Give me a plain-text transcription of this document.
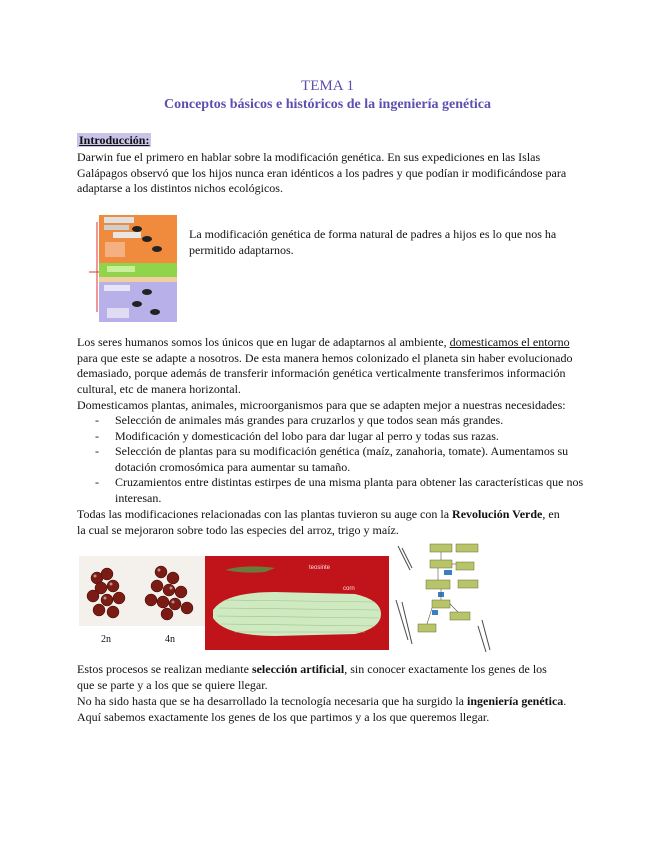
TEMA 1
Conceptos básicos e históricos de la ingeniería genética
Introducción:
Darwin fue el primero en hablar sobre la modificación genética. En sus expediciones en las Islas Galápagos observó que los hijos nunca eran idénticos a los padres y que podían ir modificándose para adaptarse a los distintos nichos ecológicos.
La modificación genética de forma natural de padres a hijos es lo que nos ha permitido adaptarnos.
Los seres humanos somos los únicos que en lugar de adaptarnos al ambiente, domesticamos el entorno para que este se adapte a nosotros. De esta manera hemos colonizado el planeta sin haber evolucionado demasiado, porque además de transferir información genética verticalmente transferimos información cultural, etc de manera horizontal.
Domesticamos plantas, animales, microorganismos para que se adapten mejor a nuestras necesidades:
- Selección de animales más grandes para cruzarlos y que todos sean más grandes.
- Modificación y domesticación del lobo para dar lugar al perro y todas sus razas.
- Selección de plantas para su modificación genética (maíz, zanahoria, tomate). Aumentamos su dotación cromosómica para aumentar su tamaño.
- Cruzamientos entre distintas estirpes de una misma planta para obtener las características que nos interesan.
Todas las modificaciones relacionadas con las plantas tuvieron su auge con la Revolución Verde, en la cual se mejoraron sobre todo las especies del arroz, trigo y maíz.
2n	4n
teosinte
corn
Estos procesos se realizan mediante selección artificial, sin conocer exactamente los genes de los que se parte y a los que se quiere llegar.
No ha sido hasta que se ha desarrollado la tecnología necesaria que ha surgido la ingeniería genética.
Aquí sabemos exactamente los genes de los que partimos y a los que queremos llegar.
